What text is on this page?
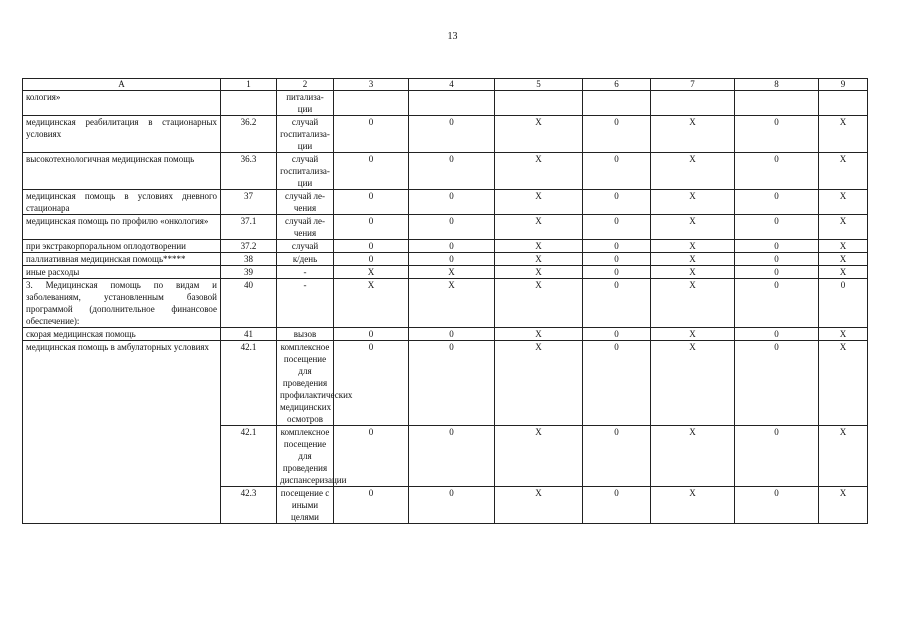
13
А	1	2	3	4	5	6	7	8	9
кология»		питализа-ции							
медицинская реабилитация в стационарных условиях	36.2	случай госпитализа-ции	0	0	X	0	X	0	X
высокотехнологичная медицинская помощь	36.3	случай госпитализа-ции	0	0	X	0	X	0	X
медицинская помощь в условиях дневного стационара	37	случай ле-чения	0	0	X	0	X	0	X
медицинская помощь по профилю «онкология»	37.1	случай ле-чения	0	0	X	0	X	0	X
при экстракорпоральном оплодотворении	37.2	случай	0	0	X	0	X	0	X
паллиативная медицинская помощь*****	38	к/день	0	0	X	0	X	0	X
иные расходы	39	-	X	X	X	0	X	0	X
3. Медицинская помощь по видам и заболеваниям, установленным базовой программой (дополнительное финансовое обеспечение):	40	-	X	X	X	0	X	0	0
скорая медицинская помощь	41	вызов	0	0	X	0	X	0	X
медицинская помощь в амбулаторных условиях	42.1	комплексное посещение для проведения профилактических медицинских осмотров	0	0	X	0	X	0	X
	42.1	комплексное посещение для проведения диспансеризации	0	0	X	0	X	0	X
	42.3	посещение с иными целями	0	0	X	0	X	0	X
